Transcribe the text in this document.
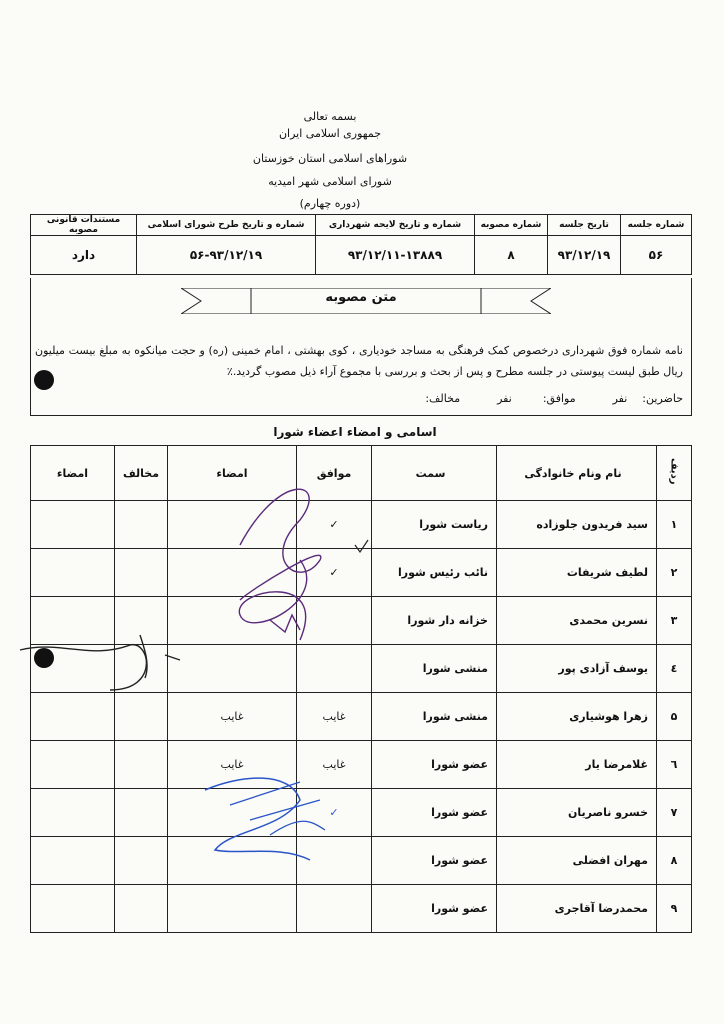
بسمه تعالی
جمهوری اسلامی ایران
شوراهای اسلامی استان خوزستان
شورای اسلامی شهر امیدیه
(دوره چهارم)
شماره جلسه	تاریخ جلسه	شماره مصوبه	شماره و تاریخ لایحه شهرداری	شماره و تاریخ طرح شورای اسلامی	مستندات قانونی مصوبه
۵۶	۹۳/۱۲/۱۹	۸	۹۳/۱۲/۱۱-۱۳۸۸۹	۵۶-۹۳/۱۲/۱۹	دارد
متن مصوبه
نامه شماره فوق شهرداری درخصوص کمک فرهنگی به مساجد خودیاری ، کوی بهشتی ، امام خمینی (ره) و حجت میانکوه به مبلغ بیست میلیون ریال طبق لیست پیوستی در جلسه مطرح و پس از بحث و بررسی با مجموع آراء ذیل مصوب گردید.٪
حاضرین:  نفر  موافق:  نفر  مخالف:
اسامی و امضاء اعضاء شورا
ردیف	نام ونام خانوادگی	سمت	موافق	امضاء	مخالف	امضاء
۱	سید فریدون جلوزاده	ریاست شورا	✓			
۲	لطیف شریفات	نائب رئیس شورا	✓			
۳	نسرین محمدی	خزانه دار شورا				
٤	یوسف آزادی پور	منشی شورا				
۵	زهرا هوشیاری	منشی شورا	غایب	غایب		
٦	غلامرضا یار	عضو شورا	غایب	غایب		
۷	خسرو ناصریان	عضو شورا	✓			
۸	مهران افضلی	عضو شورا				
۹	محمدرضا آقاجری	عضو شورا				
